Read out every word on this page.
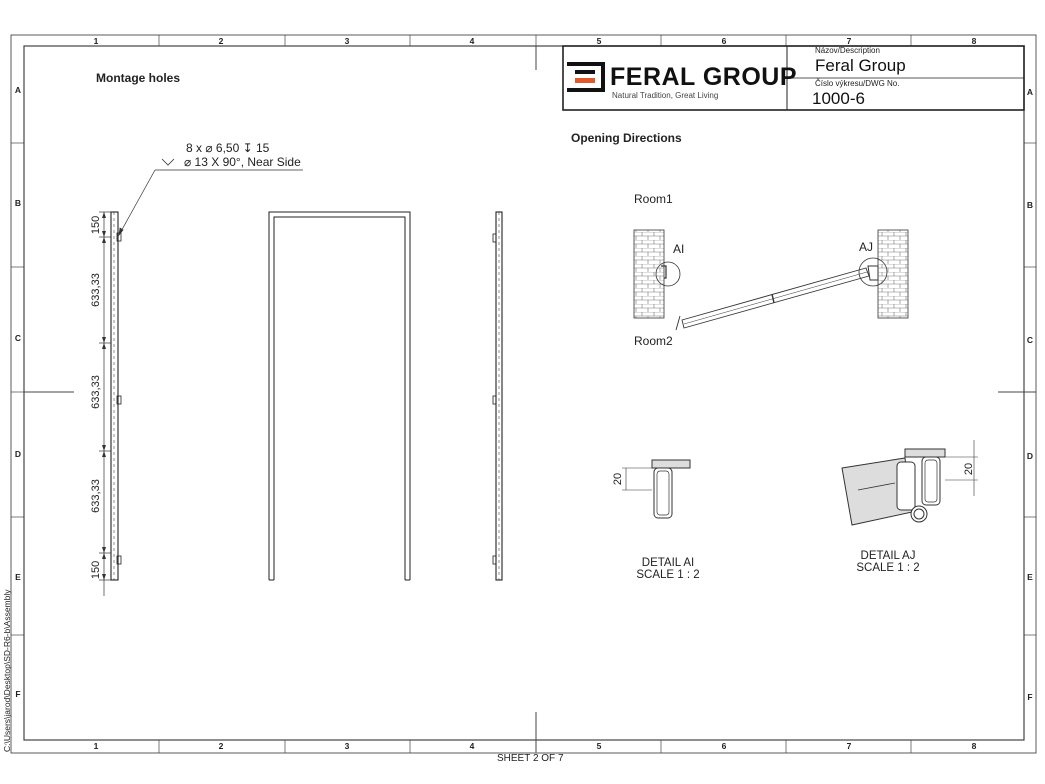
1	2	3	4	5	6	7	8
1	2	3	4	5	6	7	8
A
B
C
D
E
F
A
B
C
D
E
F
150
633,33
633,33
633,33
150
20
20
FERAL GROUP
Natural Tradition, Great Living
Názov/Description
Feral Group
Číslo výkresu/DWG No.
1000-6
Montage holes
8 x ⌀ 6,50 ↧ 15
⌀ 13 X 90°, Near Side
Opening Directions
Room1
Room2
AI	AJ
DETAIL AI
SCALE 1 : 2
DETAIL AJ
SCALE 1 : 2
C:\Users\jarod\Desktop\SD-R6-b\Assembly
SHEET 2 OF 7
